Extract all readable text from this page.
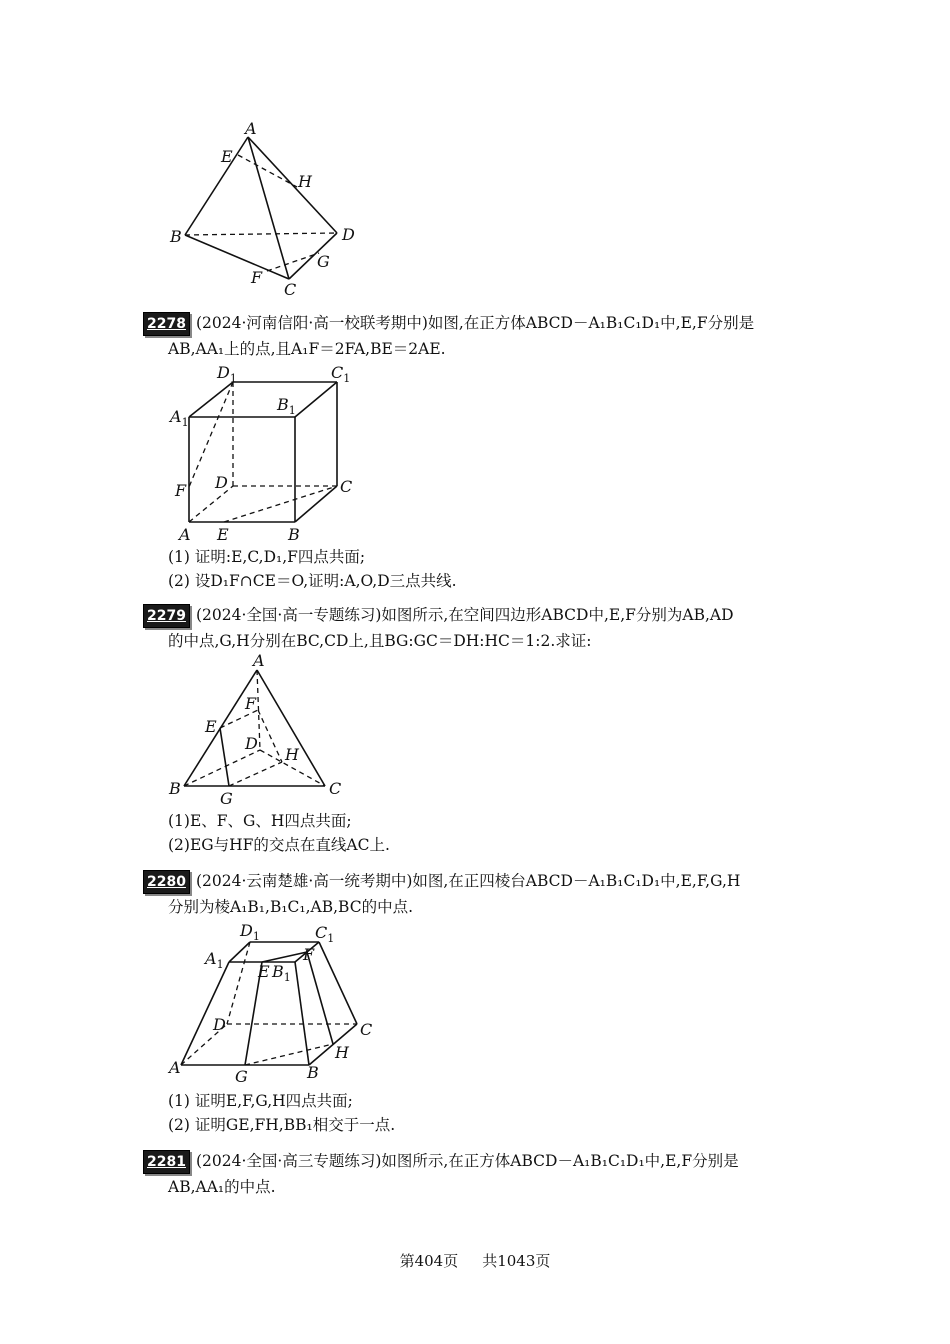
A
E
H
B	D
F
G
C
2278 (2024·河南信阳·高一校联考期中)如图,在正方体ABCD－A₁B₁C₁D₁中,E,F分别是
AB,AA₁上的点,且A₁F＝2FA,BE＝2AE.
$D_1$	$C_1$
$A_1$
$B_1$
F D	C
A E	B
(1) 证明:E,C,D₁,F四点共面;
(2) 设D₁F∩CE＝O,证明:A,O,D三点共线.
2279 (2024·全国·高一专题练习)如图所示,在空间四边形ABCD中,E,F分别为AB,AD
的中点,G,H分别在BC,CD上,且BG:GC＝DH:HC＝1:2.求证:
A
F
E
D
H
B	C
G
(1)E、F、G、H四点共面;
(2)EG与HF的交点在直线AC上.
2280 (2024·云南楚雄·高一统考期中)如图,在正四棱台ABCD－A₁B₁C₁D₁中,E,F,G,H
分别为棱A₁B₁,B₁C₁,AB,BC的中点.
$D_1$	$C_1$
$A_1$ E $B_1$
F
D	C
H
A	G	B
(1) 证明E,F,G,H四点共面;
(2) 证明GE,FH,BB₁相交于一点.
2281 (2024·全国·高三专题练习)如图所示,在正方体ABCD－A₁B₁C₁D₁中,E,F分别是
AB,AA₁的中点.
第404页 共1043页
